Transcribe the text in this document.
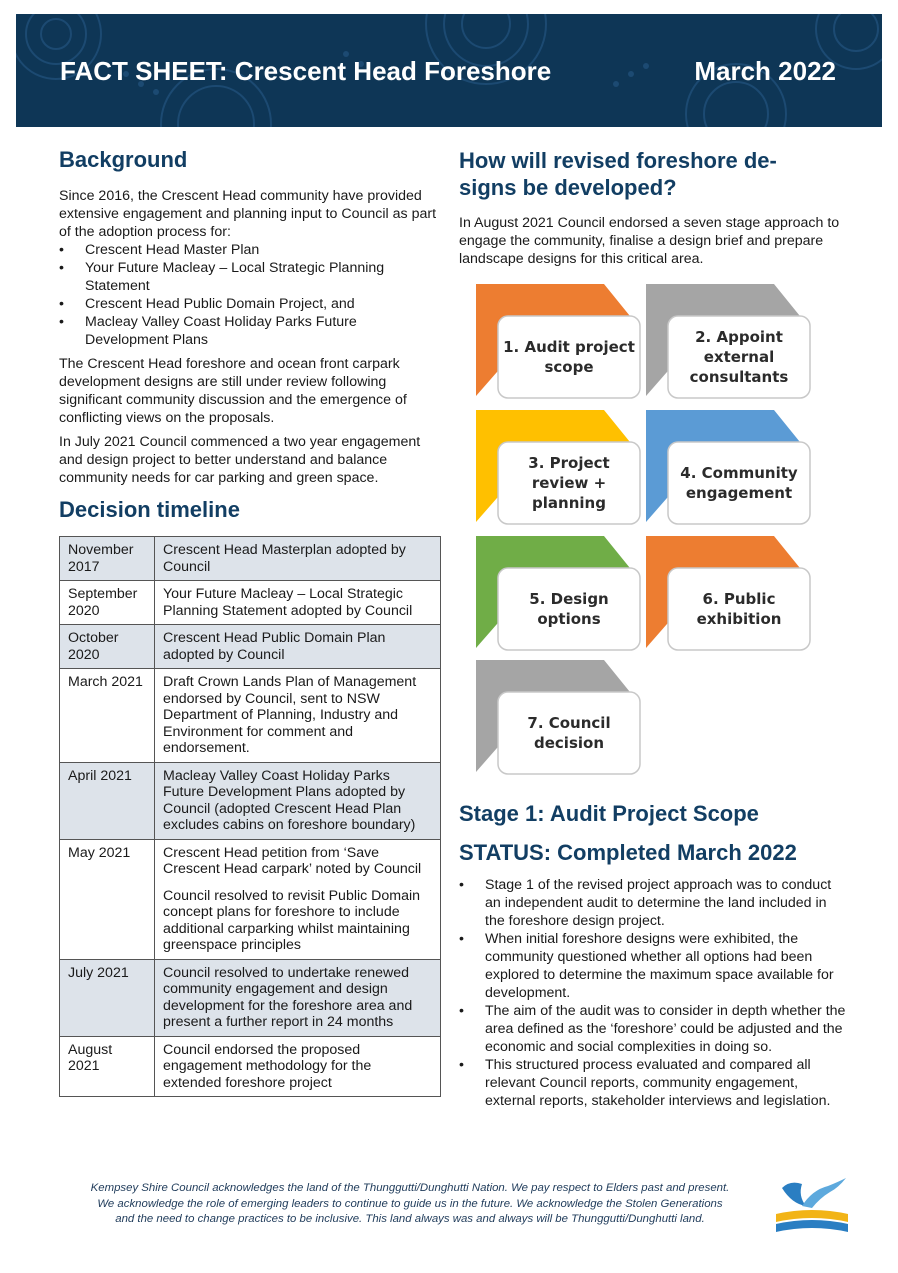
FACT SHEET: Crescent Head Foreshore	March 2022
Background

Since 2016, the Crescent Head community have provided extensive engagement and planning input to Council as part of the adoption process for:

• Crescent Head Master Plan
• Your Future Macleay – Local Strategic Planning Statement
• Crescent Head Public Domain Project, and
• Macleay Valley Coast Holiday Parks Future Development Plans

The Crescent Head foreshore and ocean front carpark development designs are still under review following significant community discussion and the emergence of conflicting views on the proposals.

In July 2021 Council commenced a two year engagement and design project to better understand and balance community needs for car parking and green space.

Decision timeline
November 2017	Crescent Head Masterplan adopted by Council
September 2020	Your Future Macleay – Local Strategic Planning Statement adopted by Council
October 2020	Crescent Head Public Domain Plan adopted by Council
March 2021	Draft Crown Lands Plan of Management endorsed by Council, sent to NSW Department of Planning, Industry and Environment for comment and endorsement.
April 2021	Macleay Valley Coast Holiday Parks Future Development Plans adopted by Council (adopted Crescent Head Plan excludes cabins on foreshore boundary)
May 2021	Crescent Head petition from ‘Save Crescent Head carpark’ noted by Council
Council resolved to revisit Public Domain concept plans for foreshore to include additional carparking whilst maintaining greenspace principles

July 2021	Council resolved to undertake renewed community engagement and design development for the foreshore area and present a further report in 24 months
August 2021	Council endorsed the proposed engagement methodology for the extended foreshore project
How will revised foreshore de-
signs be developed?

In August 2021 Council endorsed a seven stage approach to engage the community, finalise a design brief and prepare landscape designs for this critical area.

1. Audit project
scope
2. Appoint
external
consultants
3. Project
review +
planning
4. Community
engagement
5. Design
options
6. Public
exhibition
7. Council
decision
Stage 1: Audit Project Scope
STATUS: Completed March 2022
• Stage 1 of the revised project approach was to conduct an independent audit to determine the land included in the foreshore design project.
• When initial foreshore designs were exhibited, the community questioned whether all options had been explored to determine the maximum space available for development.
• The aim of the audit was to consider in depth whether the area defined as the ‘foreshore’ could be adjusted and the economic and social complexities in doing so.
• This structured process evaluated and compared all relevant Council reports, community engagement, external reports, stakeholder interviews and legislation.
Kempsey Shire Council acknowledges the land of the Thunggutti/Dunghutti Nation. We pay respect to Elders past and present.
We acknowledge the role of emerging leaders to continue to guide us in the future. We acknowledge the Stolen Generations
and the need to change practices to be inclusive. This land always was and always will be Thunggutti/Dunghutti land.
